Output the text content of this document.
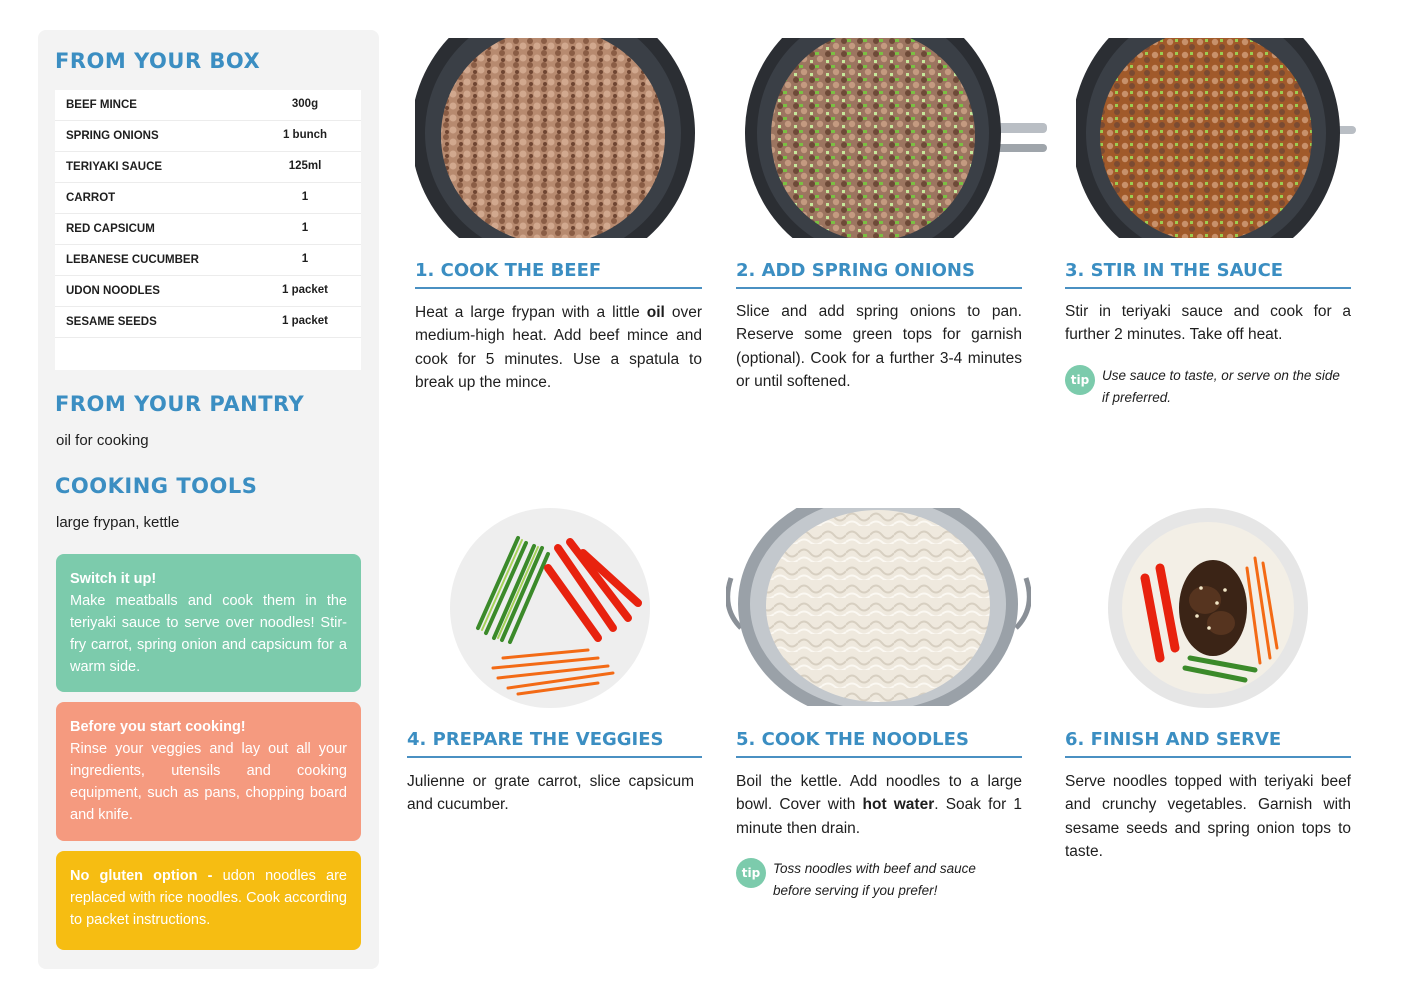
FROM YOUR BOX
BEEF MINCE	300g
SPRING ONIONS	1 bunch
TERIYAKI SAUCE	125ml
CARROT	1
RED CAPSICUM	1
LEBANESE CUCUMBER	1
UDON NOODLES	1 packet
SESAME SEEDS	1 packet
FROM YOUR PANTRY
oil for cooking
COOKING TOOLS
large frypan, kettle
Switch it up!
Make meatballs and cook them in the teriyaki sauce to serve over noodles! Stir-fry carrot, spring onion and capsicum for a warm side.
Before you start cooking!
Rinse your veggies and lay out all your ingredients, utensils and cooking equipment, such as pans, chopping board and knife.
No gluten option - udon noodles are replaced with rice noodles. Cook according to packet instructions.
1. COOK THE BEEF	2. ADD SPRING ONIONS	3. STIR IN THE SAUCE
4. PREPARE THE VEGGIES	5. COOK THE NOODLES	6. FINISH AND SERVE
Heat a large frypan with a little oil over medium-high heat. Add beef mince and cook for 5 minutes. Use a spatula to break up the mince.
Slice and add spring onions to pan. Reserve some green tops for garnish (optional). Cook for a further 3-4 minutes or until softened.
Stir in teriyaki sauce and cook for a further 2 minutes. Take off heat.
Julienne or grate carrot, slice capsicum and cucumber.
Boil the kettle. Add noodles to a large bowl. Cover with hot water. Soak for 1 minute then drain.
Serve noodles topped with teriyaki beef and crunchy vegetables. Garnish with sesame seeds and spring onion tops to taste.
tip Use sauce to taste, or serve on the side if preferred.
tip Toss noodles with beef and sauce before serving if you prefer!
